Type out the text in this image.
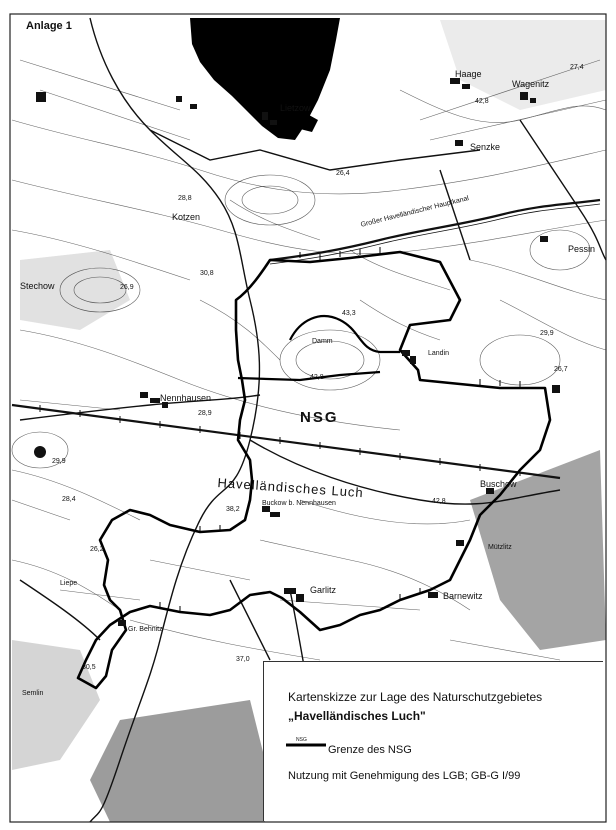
Anlage 1
Haage
Wagenitz
Senzke
Pessin
Lietzow
Kotzen
Stechow
Nennhausen
Damm
Landin
Buckow b. Nennhausen
Buschow
Garlitz
Barnewitz
Mützlitz
Liepe
Gr. Behnitz
Semlin
Großer Havelländischer Hauptkanal
NSG
Havelländisches Luch
26,4
42,8
28,8
30,8
26,9
43,3
42,8
28,9
38,2
42,8
37,0
30,5
29,9
28,4
29,9
26,2
27,4
26,7
Kartenskizze zur Lage des Naturschutzgebietes
„Havelländisches Luch"
NSG
Grenze des NSG
Nutzung mit Genehmigung des LGB; GB-G I/99
